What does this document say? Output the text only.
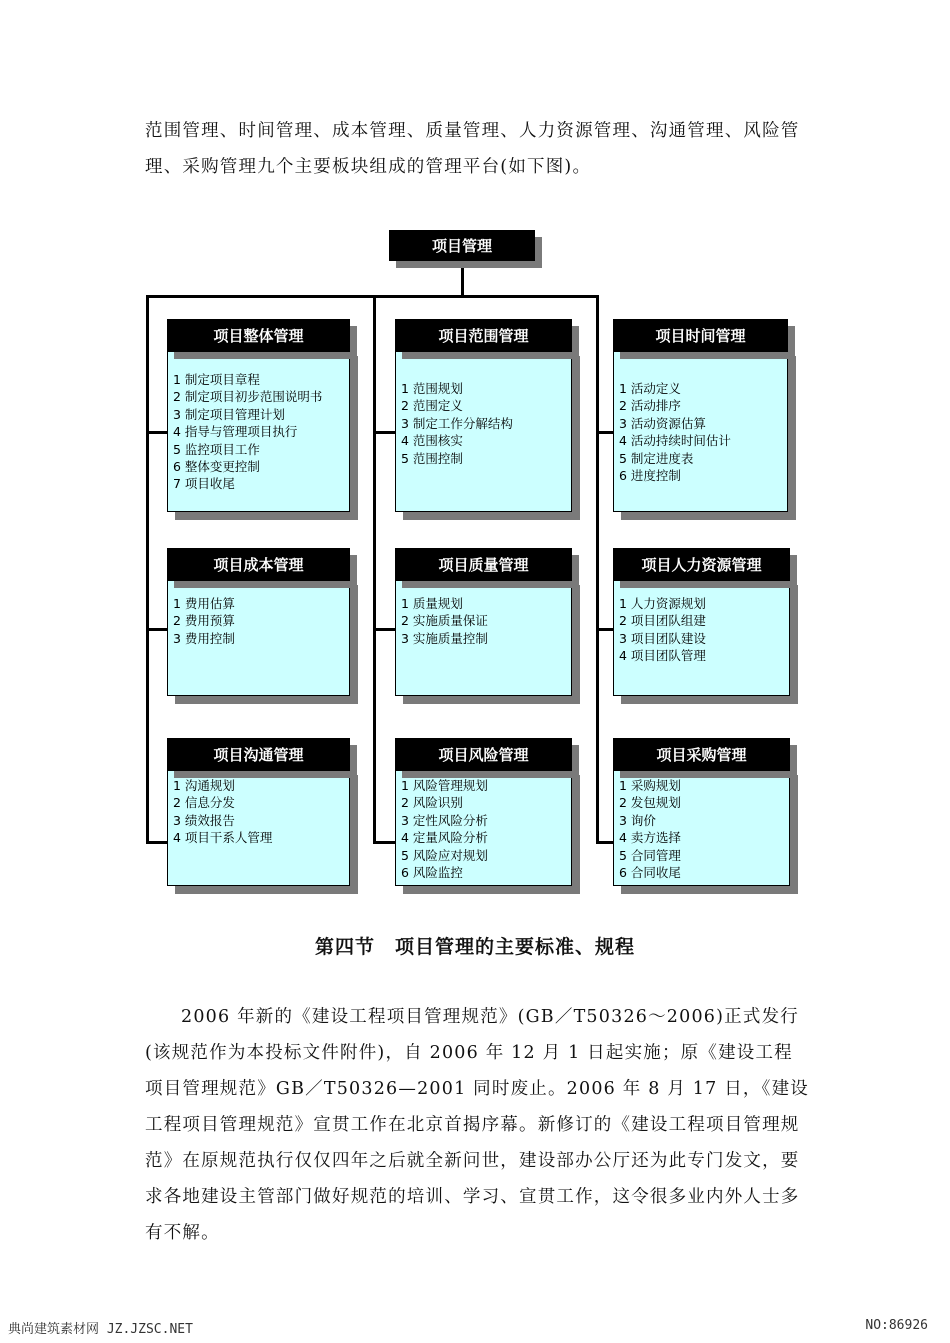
范围管理、时间管理、成本管理、质量管理、人力资源管理、沟通管理、风险管理、采购管理九个主要板块组成的管理平台(如下图)。

项目管理
项目整体管理
1 制定项目章程
2 制定项目初步范围说明书
3 制定项目管理计划
4 指导与管理项目执行
5 监控项目工作
6 整体变更控制
7 项目收尾
项目范围管理
1 范围规划
2 范围定义
3 制定工作分解结构
4 范围核实
5 范围控制
项目时间管理
1 活动定义
2 活动排序
3 活动资源估算
4 活动持续时间估计
5 制定进度表
6 进度控制
项目成本管理
1 费用估算
2 费用预算
3 费用控制
项目质量管理
1 质量规划
2 实施质量保证
3 实施质量控制
项目人力资源管理
1 人力资源规划
2 项目团队组建
3 项目团队建设
4 项目团队管理
项目沟通管理
1 沟通规划
2 信息分发
3 绩效报告
4 项目干系人管理
项目风险管理
1 风险管理规划
2 风险识别
3 定性风险分析
4 定量风险分析
5 风险应对规划
6 风险监控
项目采购管理
1 采购规划
2 发包规划
3 询价
4 卖方选择
5 合同管理
6 合同收尾
第四节　项目管理的主要标准、规程

2006 年新的《建设工程项目管理规范》(GB／T50326～2006)正式发行(该规范作为本投标文件附件)，自 2006 年 12 月 1 日起实施；原《建设工程项目管理规范》GB／T50326—2001 同时废止。2006 年 8 月 17 日，《建设工程项目管理规范》宣贯工作在北京首揭序幕。新修订的《建设工程项目管理规范》在原规范执行仅仅四年之后就全新问世，建设部办公厅还为此专门发文，要求各地建设主管部门做好规范的培训、学习、宣贯工作，这令很多业内外人士多有不解。

典尚建筑素材网 JZ.JZSC.NET	NO:86926
